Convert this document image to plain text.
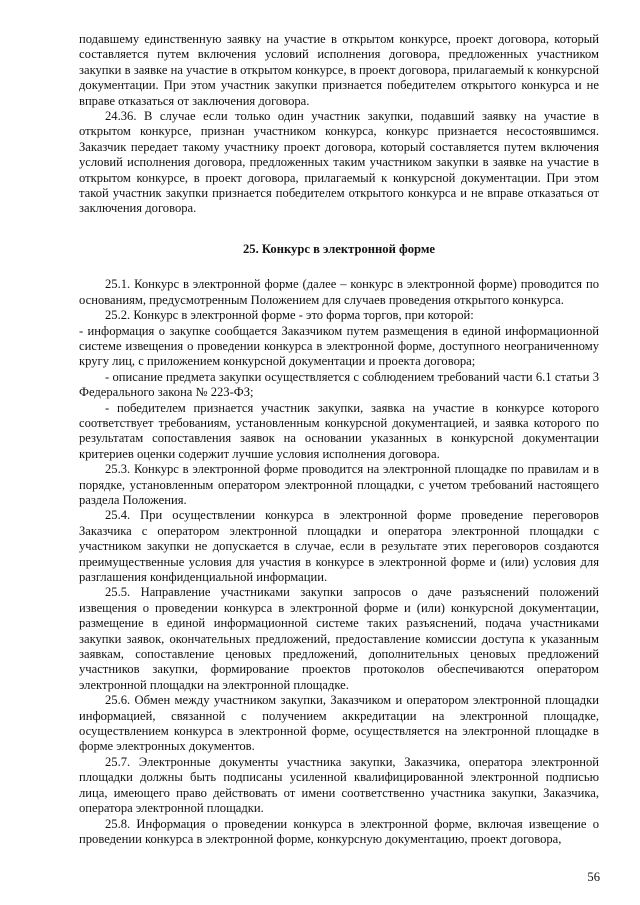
подавшему единственную заявку на участие в открытом конкурсе, проект договора, который составляется путем включения условий исполнения договора, предложенных участником закупки в заявке на участие в открытом конкурсе, в проект договора, прилагаемый к конкурсной документации. При этом участник закупки признается победителем открытого конкурса и не вправе отказаться от заключения договора.

24.36. В случае если только один участник закупки, подавший заявку на участие в открытом конкурсе, признан участником конкурса, конкурс признается несостоявшимся. Заказчик передает такому участнику проект договора, который составляется путем включения условий исполнения договора, предложенных таким участником закупки в заявке на участие в открытом конкурсе, в проект договора, прилагаемый к конкурсной документации. При этом такой участник закупки признается победителем открытого конкурса и не вправе отказаться от заключения договора.

25. Конкурс в электронной форме

25.1. Конкурс в электронной форме (далее – конкурс в электронной форме) проводится по основаниям, предусмотренным Положением для случаев проведения открытого конкурса.

25.2. Конкурс в электронной форме - это форма торгов, при которой:

- информация о закупке сообщается Заказчиком путем размещения в единой информационной системе извещения о проведении конкурса в электронной форме, доступного неограниченному кругу лиц, с приложением конкурсной документации и проекта договора;

- описание предмета закупки осуществляется с соблюдением требований части 6.1 статьи 3 Федерального закона № 223-ФЗ;

- победителем признается участник закупки, заявка на участие в конкурсе которого соответствует требованиям, установленным конкурсной документацией, и заявка которого по результатам сопоставления заявок на основании указанных в конкурсной документации критериев оценки содержит лучшие условия исполнения договора.

25.3. Конкурс в электронной форме проводится на электронной площадке по правилам и в порядке, установленным оператором электронной площадки, с учетом требований настоящего раздела Положения.

25.4. При осуществлении конкурса в электронной форме проведение переговоров Заказчика с оператором электронной площадки и оператора электронной площадки с участником закупки не допускается в случае, если в результате этих переговоров создаются преимущественные условия для участия в конкурсе в электронной форме и (или) условия для разглашения конфиденциальной информации.

25.5. Направление участниками закупки запросов о даче разъяснений положений извещения о проведении конкурса в электронной форме и (или) конкурсной документации, размещение в единой информационной системе таких разъяснений, подача участниками закупки заявок, окончательных предложений, предоставление комиссии доступа к указанным заявкам, сопоставление ценовых предложений, дополнительных ценовых предложений участников закупки, формирование проектов протоколов обеспечиваются оператором электронной площадки на электронной площадке.

25.6. Обмен между участником закупки, Заказчиком и оператором электронной площадки информацией, связанной с получением аккредитации на электронной площадке, осуществлением конкурса в электронной форме, осуществляется на электронной площадке в форме электронных документов.

25.7. Электронные документы участника закупки, Заказчика, оператора электронной площадки должны быть подписаны усиленной квалифицированной электронной подписью лица, имеющего право действовать от имени соответственно участника закупки, Заказчика, оператора электронной площадки.

25.8. Информация о проведении конкурса в электронной форме, включая извещение о проведении конкурса в электронной форме, конкурсную документацию, проект договора,

56
